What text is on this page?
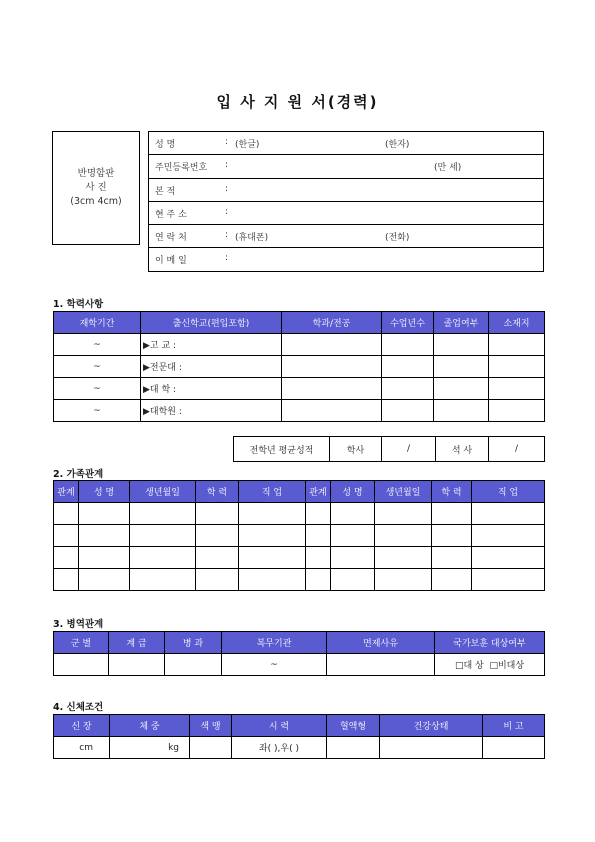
입 사 지 원 서(경력)
반명함판
사 진
(3cm 4cm)
성 명	: (한글)	(한자)
주민등록번호	:	(만 세)
본 적	:
현 주 소	:
연 락 처	: (휴대폰)	(전화)
이 메 일	:
1. 학력사항
재학기간	출신학교(편입포함)	학과/전공	수업년수	졸업여부	소재지
~	▶고 교 :				
~	▶전문대 :				
~	▶대 학 :				
~	▶대학원 :				
전학년 평균성적	학사	/	석 사	/
2. 가족관계
관계	성 명	생년월일	학 력	직 업	관계	성 명	생년월일	학 력	직 업

3. 병역관계
군 별	계 급	병 과	복무기관	면제사유	국가보훈 대상여부
			~		□대 상 □비대상
4. 신체조건
신 장	체 중	색 맹	시 력	혈액형	건강상태	비 고
cm	kg		좌( ),우( )			
